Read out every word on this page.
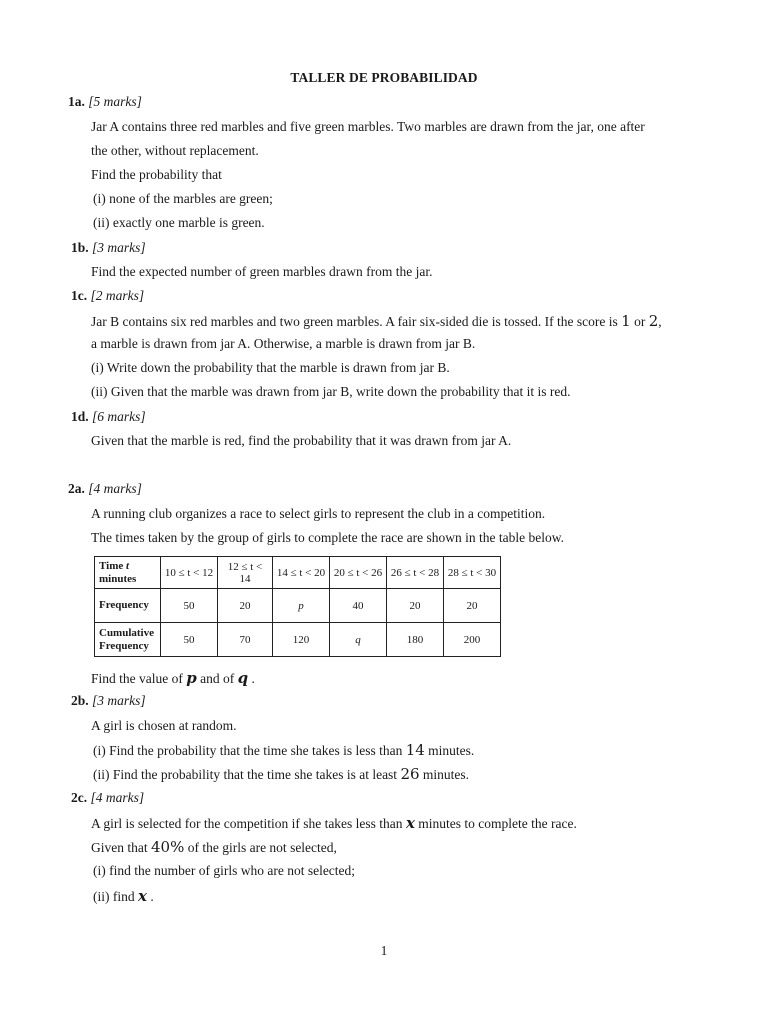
TALLER DE PROBABILIDAD
1a. [5 marks]
Jar A contains three red marbles and five green marbles. Two marbles are drawn from the jar, one after
the other, without replacement.
Find the probability that
(i) none of the marbles are green;
(ii) exactly one marble is green.
1b. [3 marks]
Find the expected number of green marbles drawn from the jar.
1c. [2 marks]
Jar B contains six red marbles and two green marbles. A fair six-sided die is tossed. If the score is 1 or 2,
a marble is drawn from jar A. Otherwise, a marble is drawn from jar B.
(i) Write down the probability that the marble is drawn from jar B.
(ii) Given that the marble was drawn from jar B, write down the probability that it is red.
1d. [6 marks]
Given that the marble is red, find the probability that it was drawn from jar A.
2a. [4 marks]
A running club organizes a race to select girls to represent the club in a competition.
The times taken by the group of girls to complete the race are shown in the table below.
Time t
minutes	10 ≤ t < 12	12 ≤ t < 14	14 ≤ t < 20	20 ≤ t < 26	26 ≤ t < 28	28 ≤ t < 30
Frequency	50	20	p	40	20	20
Cumulative
Frequency	50	70	120	q	180	200
Find the value of p and of q .
2b. [3 marks]
A girl is chosen at random.
(i) Find the probability that the time she takes is less than 14 minutes.
(ii) Find the probability that the time she takes is at least 26 minutes.
2c. [4 marks]
A girl is selected for the competition if she takes less than x minutes to complete the race.
Given that 40% of the girls are not selected,
(i) find the number of girls who are not selected;
(ii) find x .
1
